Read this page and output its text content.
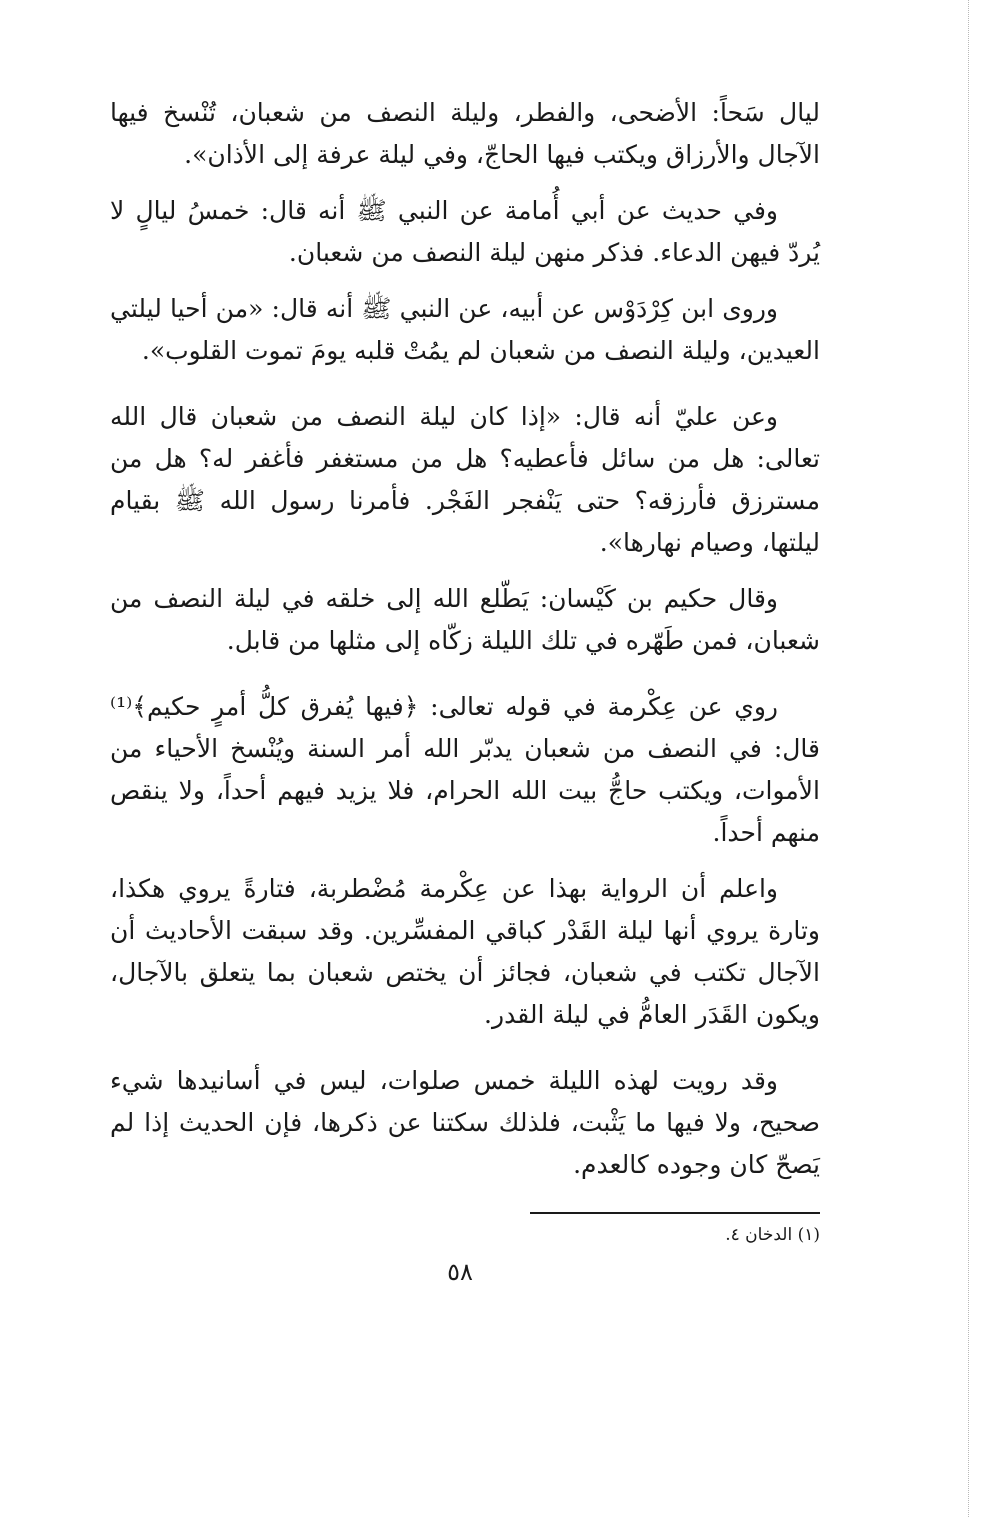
ليال سَحاً: الأضحى، والفطر، وليلة النصف من شعبان، تُنْسخ فيها الآجال والأرزاق ويكتب فيها الحاجّ، وفي ليلة عرفة إلى الأذان».

وفي حديث عن أبي أُمامة عن النبي ﷺ أنه قال: خمسُ ليالٍ لا يُردّ فيهن الدعاء. فذكر منهن ليلة النصف من شعبان.

وروى ابن كِرْدَوْس عن أبيه، عن النبي ﷺ أنه قال: «من أحيا ليلتي العيدين، وليلة النصف من شعبان لم يمُتْ قلبه يومَ تموت القلوب».

وعن عليّ أنه قال: «إذا كان ليلة النصف من شعبان قال الله تعالى: هل من سائل فأعطيه؟ هل من مستغفر فأغفر له؟ هل من مسترزق فأرزقه؟ حتى يَنْفجر الفَجْر. فأمرنا رسول الله ﷺ بقيام ليلتها، وصيام نهارها».

وقال حكيم بن كَيْسان: يَطّلع الله إلى خلقه في ليلة النصف من شعبان، فمن طَهّره في تلك الليلة زكّاه إلى مثلها من قابل.

روي عن عِكْرمة في قوله تعالى: ﴿فيها يُفرق كلُّ أمرٍ حكيم﴾⁽¹⁾ قال: في النصف من شعبان يدبّر الله أمر السنة ويُنْسخ الأحياء من الأموات، ويكتب حاجُّ بيت الله الحرام، فلا يزيد فيهم أحداً، ولا ينقص منهم أحداً.

واعلم أن الرواية بهذا عن عِكْرمة مُضْطربة، فتارةً يروي هكذا، وتارة يروي أنها ليلة القَدْر كباقي المفسِّرين. وقد سبقت الأحاديث أن الآجال تكتب في شعبان، فجائز أن يختص شعبان بما يتعلق بالآجال، ويكون القَدَر العامُّ في ليلة القدر.

وقد رويت لهذه الليلة خمس صلوات، ليس في أسانيدها شيء صحيح، ولا فيها ما يَثْبت، فلذلك سكتنا عن ذكرها، فإن الحديث إذا لم يَصحّ كان وجوده كالعدم.

(١) الدخان ٤.

٥٨
